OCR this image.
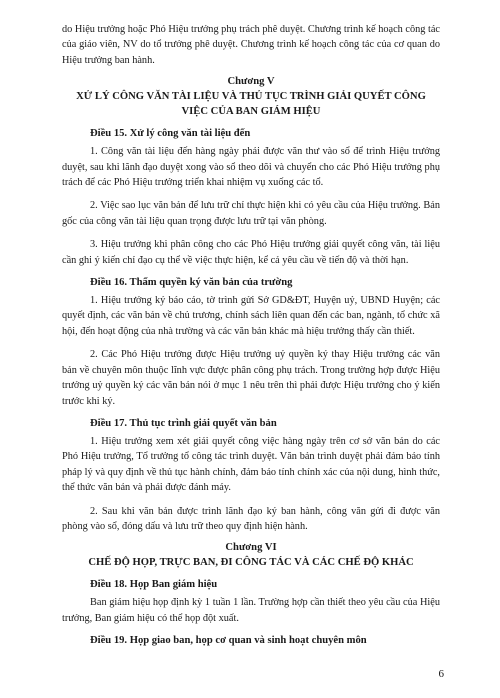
do Hiệu trưởng hoặc Phó Hiệu trưởng phụ trách phê duyệt. Chương trình kế hoạch công tác của giáo viên, NV do tổ trưởng phê duyệt. Chương trình kế hoạch công tác của cơ quan do Hiệu trưởng ban hành.

Chương V
XỬ LÝ CÔNG VĂN TÀI LIỆU VÀ THỦ TỤC TRÌNH GIẢI QUYẾT CÔNG VIỆC CỦA BAN GIÁM HIỆU
Điều 15. Xử lý công văn tài liệu đến

1. Công văn tài liệu đến hàng ngày phải được văn thư vào sổ để trình Hiệu trưởng duyệt, sau khi lãnh đạo duyệt xong vào sổ theo dõi và chuyển cho các Phó Hiệu trưởng phụ trách để các Phó Hiệu trưởng triển khai nhiệm vụ xuống các tổ.

2. Việc sao lục văn bản để lưu trữ chỉ thực hiện khi có yêu cầu của Hiệu trưởng. Bản gốc của công văn tài liệu quan trọng được lưu trữ tại văn phòng.

3. Hiệu trưởng khi phân công cho các Phó Hiệu trưởng giải quyết công văn, tài liệu cần ghi ý kiến chỉ đạo cụ thể về việc thực hiện, kể cả yêu cầu về tiến độ và thời hạn.

Điều 16. Thẩm quyền ký văn bản của trường

1. Hiệu trưởng ký báo cáo, tờ trình gửi Sở GD&ĐT, Huyện uỷ, UBND Huyện; các quyết định, các văn bản về chủ trương, chính sách liên quan đến các ban, ngành, tổ chức xã hội, đến hoạt động của nhà trường và các văn bản khác mà hiệu trưởng thấy cần thiết.

2. Các Phó Hiệu trưởng được Hiệu trưởng uỷ quyền ký thay Hiệu trưởng các văn bản về chuyên môn thuộc lĩnh vực được phân công phụ trách. Trong trường hợp được Hiệu trưởng uỷ quyền ký các văn bản nói ở mục 1 nêu trên thì phải được Hiệu trưởng cho ý kiến trước khi ký.

Điều 17. Thủ tục trình giải quyết văn bản

1. Hiệu trưởng xem xét giải quyết công việc hàng ngày trên cơ sở văn bản do các Phó Hiệu trưởng, Tổ trưởng tổ công tác trình duyệt. Văn bản trình duyệt phải đảm bảo tính pháp lý và quy định về thủ tục hành chính, đảm bảo tính chính xác của nội dung, hình thức, thể thức văn bản và phải được đánh máy.

2. Sau khi văn bản được trình lãnh đạo ký ban hành, công văn gửi đi được văn phòng vào sổ, đóng dấu và lưu trữ theo quy định hiện hành.

Chương VI
CHẾ ĐỘ HỌP, TRỰC BAN, ĐI CÔNG TÁC VÀ CÁC CHẾ ĐỘ KHÁC
Điều 18. Họp Ban giám hiệu

Ban giám hiệu họp định kỳ 1 tuần 1 lần. Trường hợp cần thiết theo yêu cầu của Hiệu trưởng, Ban giám hiệu có thể họp đột xuất.

Điều 19. Họp giao ban, họp cơ quan và sinh hoạt chuyên môn
6
